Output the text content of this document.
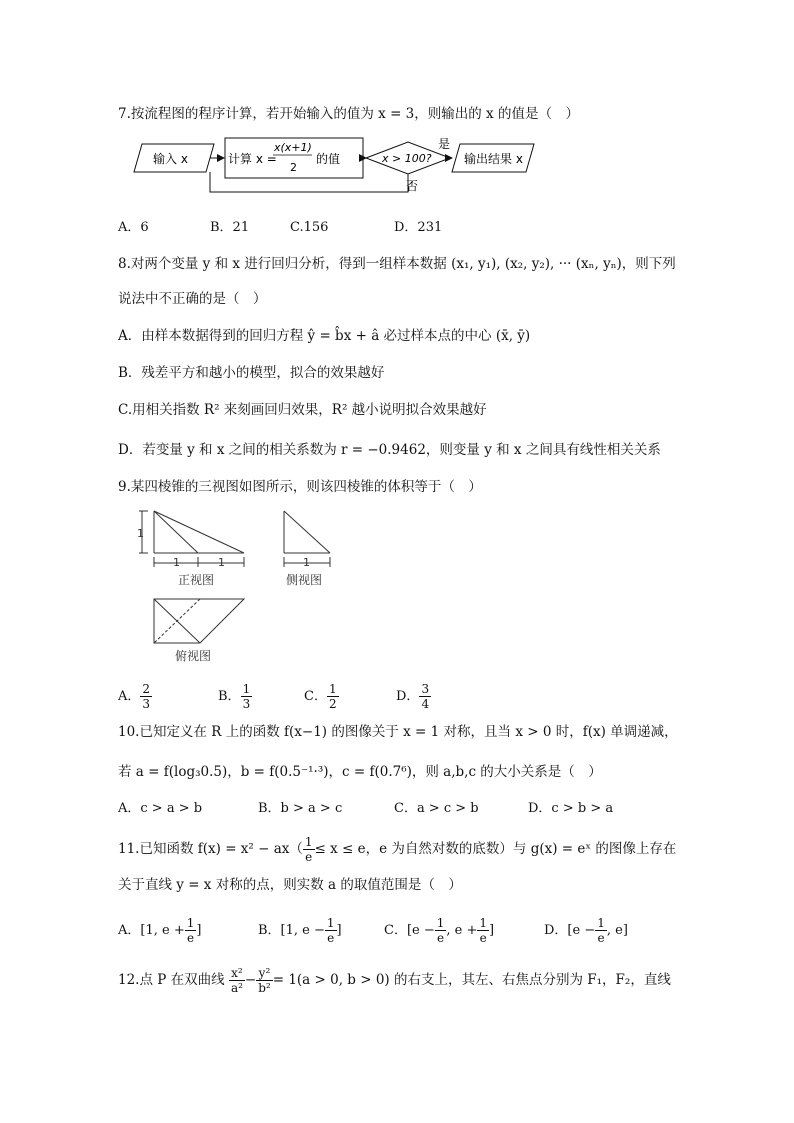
7.按流程图的程序计算，若开始输入的值为 x = 3，则输出的 x 的值是（　）
输入 x	计算 x =
x(x+1)
2
的值	x > 100?
是
输出结果 x
否
A．6	B．21	C.156	D．231
8.对两个变量 y 和 x 进行回归分析，得到一组样本数据 (x₁, y₁), (x₂, y₂), ··· (xₙ, yₙ)，则下列
说法中不正确的是（　）
A．由样本数据得到的回归方程 ŷ = b̂x + â 必过样本点的中心 (x̄, ȳ)
B．残差平方和越小的模型，拟合的效果越好
C.用相关指数 R² 来刻画回归效果，R² 越小说明拟合效果越好
D．若变量 y 和 x 之间的相关系数为 r = −0.9462，则变量 y 和 x 之间具有线性相关关系
9.某四棱锥的三视图如图所示，则该四棱锥的体积等于（　）
1
1	1
正视图
1
侧视图
俯视图
A． $\frac{2}{3}$	B． $\frac{1}{3}$	C． $\frac{1}{2}$	D． $\frac{3}{4}$
10.已知定义在 R 上的函数 f(x−1) 的图像关于 x = 1 对称，且当 x > 0 时，f(x) 单调递减，
若 a = f(log₃0.5)，b = f(0.5⁻¹·³)，c = f(0.7⁶)，则 a,b,c 的大小关系是（　）
A．c > a > b	B．b > a > c	C．a > c > b	D．c > b > a
11.已知函数 $f(x) = x^2 - ax( \frac{1}{e} \le x \le e$，e 为自然对数的底数）与 g(x) = eˣ 的图像上存在
关于直线 y = x 对称的点，则实数 a 的取值范围是（　）
A．[1, $e + \frac{1}{e}$ ]	B．[1, $e - \frac{1}{e}$ ]	C．[$e - \frac{1}{e}$ , $e + \frac{1}{e}$ ]	D．[$e - \frac{1}{e}$ , e]
12.点 P 在双曲线 $\frac{\text{x²}}{\text{a²}} - \frac{\text{y²}}{\text{b²}} = 1(a > 0$, b > 0) 的右支上，其左、右焦点分别为 F₁，F₂，直线
